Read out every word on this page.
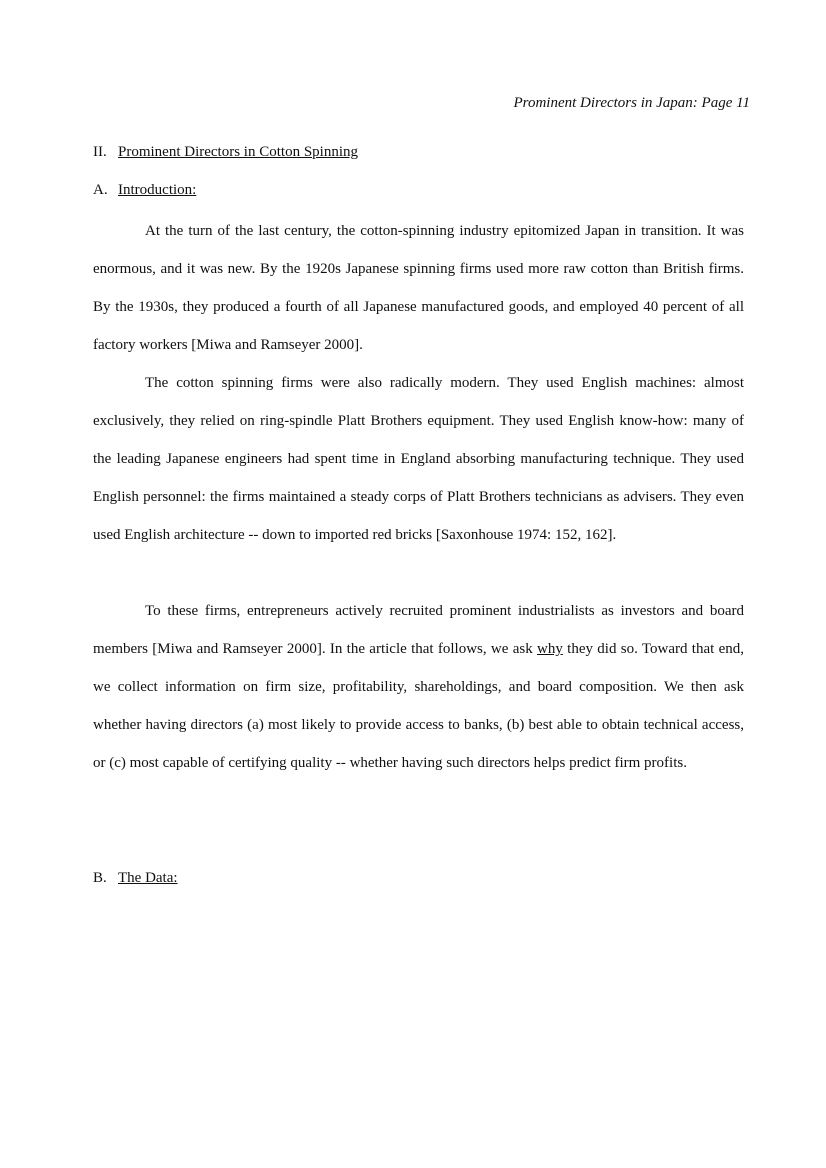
Prominent Directors in Japan: Page 11
II. Prominent Directors in Cotton Spinning
A. Introduction:

At the turn of the last century, the cotton-spinning industry epitomized Japan in transition. It was enormous, and it was new. By the 1920s Japanese spinning firms used more raw cotton than British firms. By the 1930s, they produced a fourth of all Japanese manufactured goods, and employed 40 percent of all factory workers [Miwa and Ramseyer 2000].

The cotton spinning firms were also radically modern. They used English machines: almost exclusively, they relied on ring-spindle Platt Brothers equipment. They used English know-how: many of the leading Japanese engineers had spent time in England absorbing manufacturing technique. They used English personnel: the firms maintained a steady corps of Platt Brothers technicians as advisers. They even used English architecture -- down to imported red bricks [Saxonhouse 1974: 152, 162].

To these firms, entrepreneurs actively recruited prominent industrialists as investors and board members [Miwa and Ramseyer 2000]. In the article that follows, we ask why they did so. Toward that end, we collect information on firm size, profitability, shareholdings, and board composition. We then ask whether having directors (a) most likely to provide access to banks, (b) best able to obtain technical access, or (c) most capable of certifying quality -- whether having such directors helps predict firm profits.

B. The Data:
